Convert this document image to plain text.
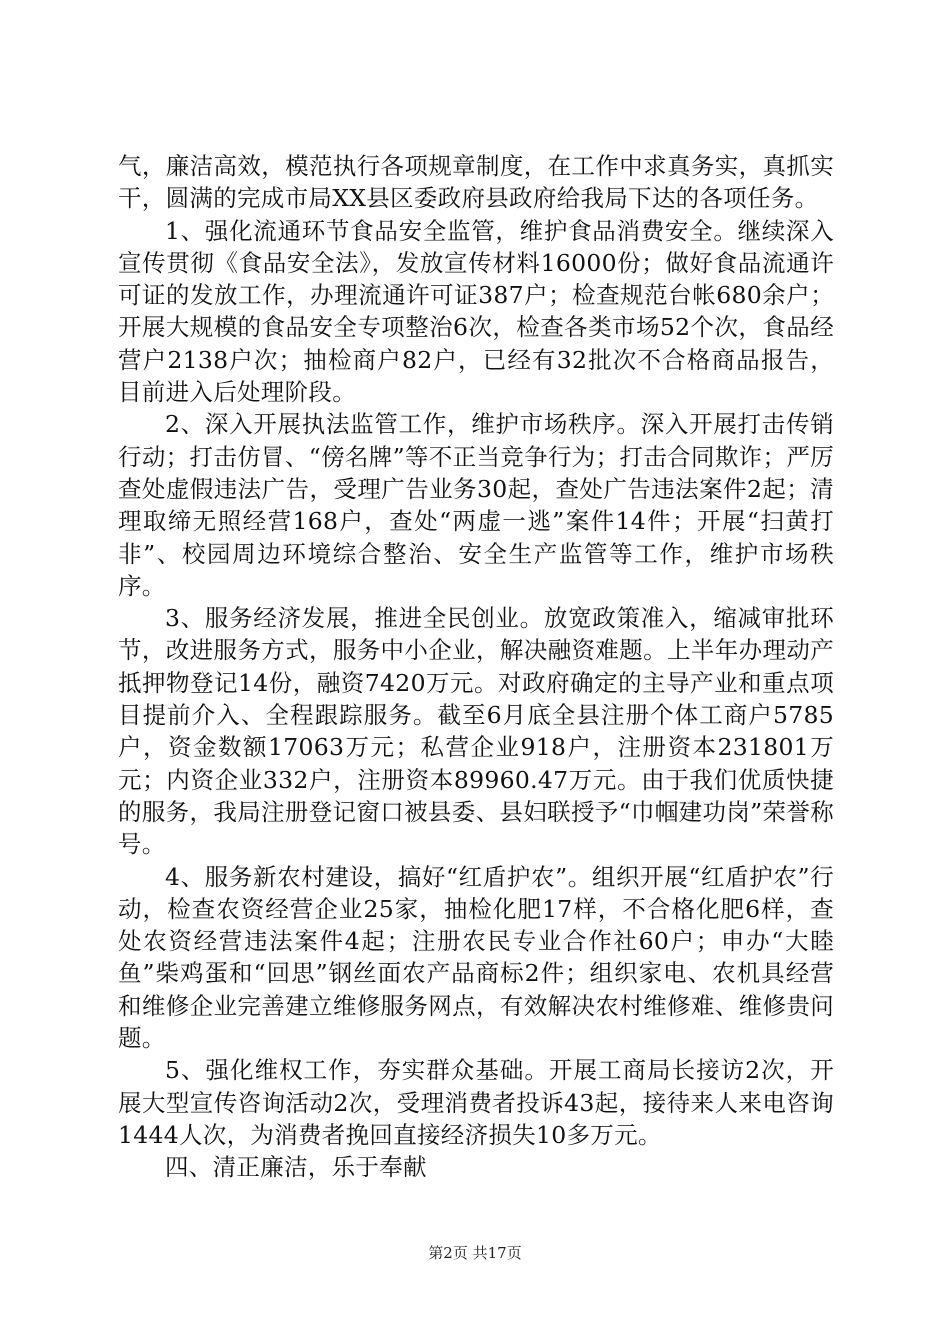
气，廉洁高效，模范执行各项规章制度，在工作中求真务实，真抓实干，圆满的完成市局XX县区委政府县政府给我局下达的各项任务。

1、强化流通环节食品安全监管，维护食品消费安全。继续深入宣传贯彻《食品安全法》，发放宣传材料16000份；做好食品流通许可证的发放工作，办理流通许可证387户；检查规范台帐680余户；开展大规模的食品安全专项整治6次，检查各类市场52个次，食品经营户2138户次；抽检商户82户，已经有32批次不合格商品报告，目前进入后处理阶段。

2、深入开展执法监管工作，维护市场秩序。深入开展打击传销行动；打击仿冒、“傍名牌”等不正当竞争行为；打击合同欺诈；严厉查处虚假违法广告，受理广告业务30起，查处广告违法案件2起；清理取缔无照经营168户，查处“两虚一逃”案件14件；开展“扫黄打非”、校园周边环境综合整治、安全生产监管等工作，维护市场秩序。

3、服务经济发展，推进全民创业。放宽政策准入，缩减审批环节，改进服务方式，服务中小企业，解决融资难题。上半年办理动产抵押物登记14份，融资7420万元。对政府确定的主导产业和重点项目提前介入、全程跟踪服务。截至6月底全县注册个体工商户5785户，资金数额17063万元；私营企业918户，注册资本231801万元；内资企业332户，注册资本89960.47万元。由于我们优质快捷的服务，我局注册登记窗口被县委、县妇联授予“巾帼建功岗”荣誉称号。

4、服务新农村建设，搞好“红盾护农”。组织开展“红盾护农”行动，检查农资经营企业25家，抽检化肥17样，不合格化肥6样，查处农资经营违法案件4起；注册农民专业合作社60户；申办“大睦鱼”柴鸡蛋和“回思”钢丝面农产品商标2件；组织家电、农机具经营和维修企业完善建立维修服务网点，有效解决农村维修难、维修贵问题。

5、强化维权工作，夯实群众基础。开展工商局长接访2次，开展大型宣传咨询活动2次，受理消费者投诉43起，接待来人来电咨询1444人次，为消费者挽回直接经济损失10多万元。

四、清正廉洁，乐于奉献

第2页 共17页
